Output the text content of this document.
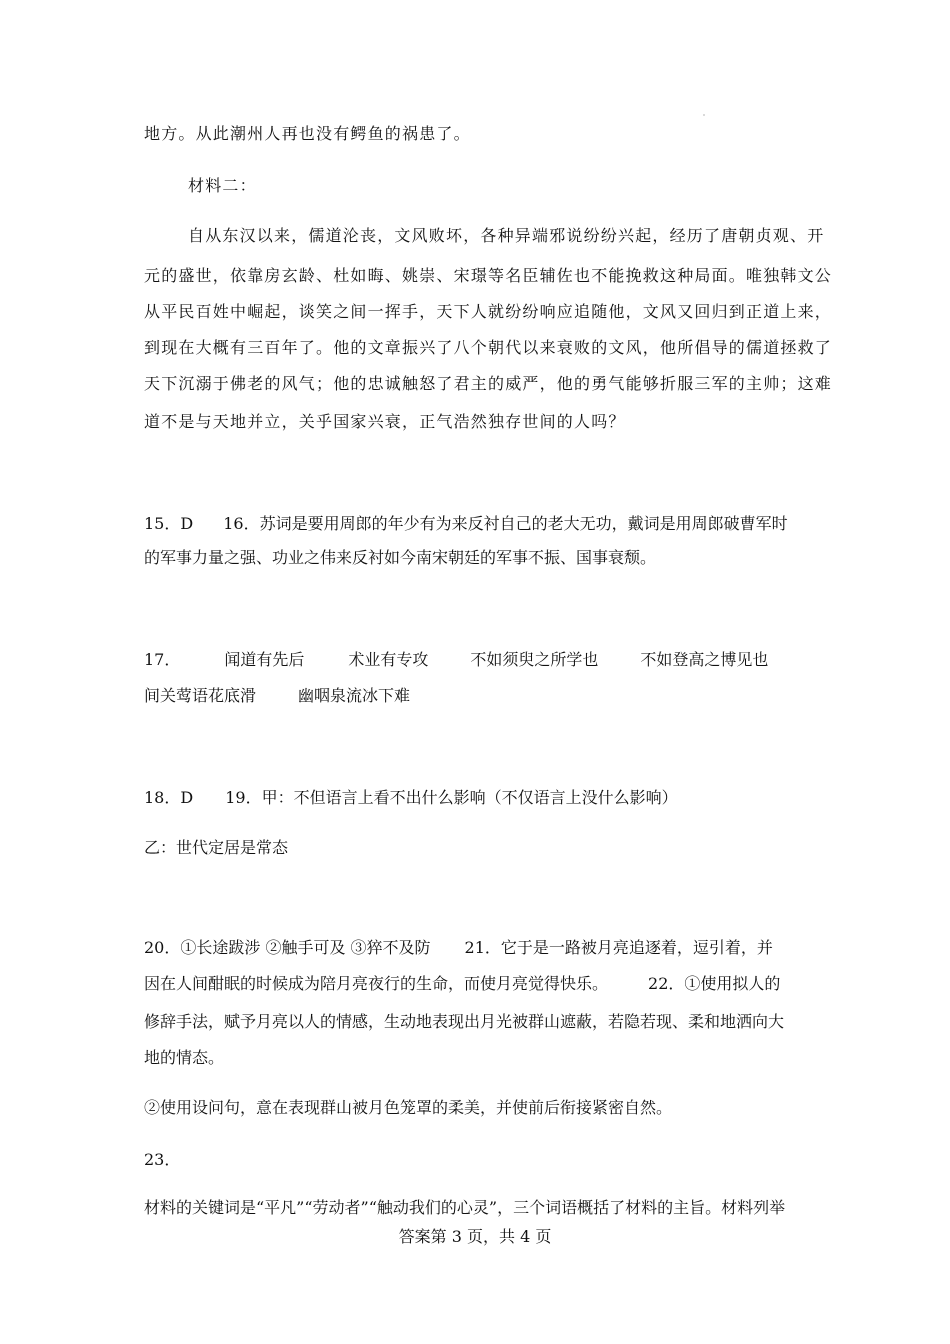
地方。从此潮州人再也没有鳄鱼的祸患了。
材料二：
自从东汉以来，儒道沦丧，文风败坏，各种异端邪说纷纷兴起，经历了唐朝贞观、开
元的盛世，依靠房玄龄、杜如晦、姚崇、宋璟等名臣辅佐也不能挽救这种局面。唯独韩文公
从平民百姓中崛起，谈笑之间一挥手，天下人就纷纷响应追随他，文风又回归到正道上来，
到现在大概有三百年了。他的文章振兴了八个朝代以来衰败的文风，他所倡导的儒道拯救了
天下沉溺于佛老的风气；他的忠诚触怒了君主的威严，他的勇气能够折服三军的主帅；这难
道不是与天地并立，关乎国家兴衰，正气浩然独存世间的人吗？
15．D 16．苏词是要用周郎的年少有为来反衬自己的老大无功，戴词是用周郎破曹军时
的军事力量之强、功业之伟来反衬如今南宋朝廷的军事不振、国事衰颓。
17．	闻道有先后	术业有专攻	不如须臾之所学也	不如登高之博见也
间关莺语花底滑	幽咽泉流冰下难
18．D 19．甲：不但语言上看不出什么影响（不仅语言上没什么影响）
乙：世代定居是常态
20．①长途跋涉 ②触手可及 ③猝不及防 21．它于是一路被月亮追逐着，逗引着，并
因在人间酣眠的时候成为陪月亮夜行的生命，而使月亮觉得快乐。	22．①使用拟人的
修辞手法，赋予月亮以人的情感，生动地表现出月光被群山遮蔽，若隐若现、柔和地洒向大
地的情态。
②使用设问句，意在表现群山被月色笼罩的柔美，并使前后衔接紧密自然。
23．
材料的关键词是“平凡”“劳动者”“触动我们的心灵”，三个词语概括了材料的主旨。材料列举
答案第 3 页，共 4 页
